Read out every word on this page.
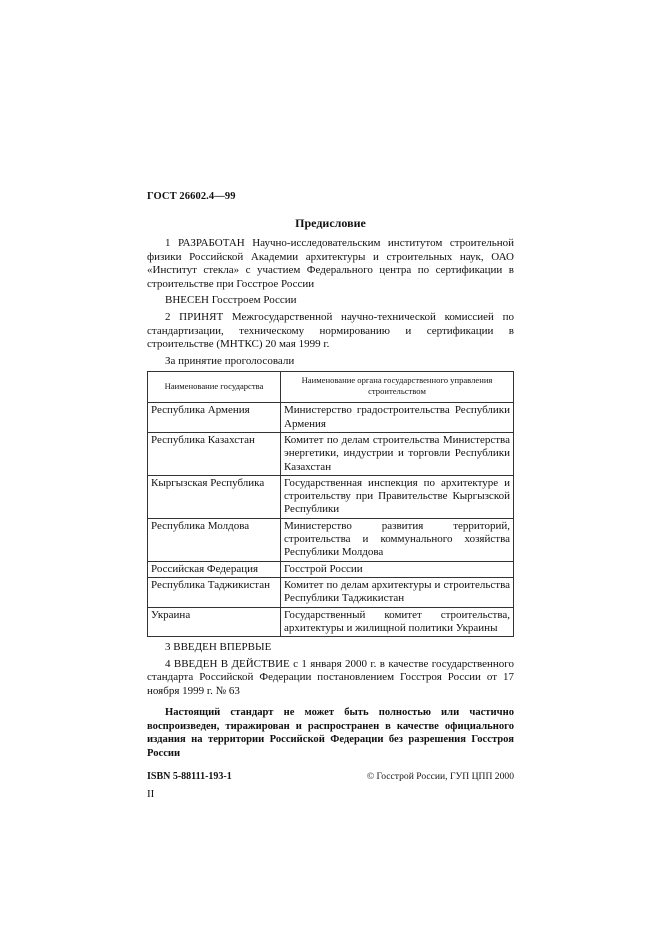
ГОСТ 26602.4—99
Предисловие

1 РАЗРАБОТАН Научно-исследовательским институтом строительной физики Российской Академии архитектуры и строительных наук, ОАО «Институт стекла» с участием Федерального центра по сертификации в строительстве при Госстрое России

ВНЕСЕН Госстроем России

2 ПРИНЯТ Межгосударственной научно-технической комиссией по стандартизации, техническому нормированию и сертификации в строительстве (МНТКС) 20 мая 1999 г.

За принятие проголосовали

Наименование государства	Наименование органа государственного управления строительством
Республика Армения	Министерство градостроительства Республики Армения
Республика Казахстан	Комитет по делам строительства Министерства энергетики, индустрии и торговли Республики Казахстан
Кыргызская Республика	Государственная инспекция по архитектуре и строительству при Правительстве Кыргызской Республики
Республика Молдова	Министерство развития территорий, строительства и коммунального хозяйства Республики Молдова
Российская Федерация	Госстрой России
Республика Таджикистан	Комитет по делам архитектуры и строительства Республики Таджикистан
Украина	Государственный комитет строительства, архитектуры и жилищной политики Украины

3 ВВЕДЕН ВПЕРВЫЕ

4 ВВЕДЕН В ДЕЙСТВИЕ с 1 января 2000 г. в качестве государственного стандарта Российской Федерации постановлением Госстроя России от 17 ноября 1999 г. № 63

Настоящий стандарт не может быть полностью или частично воспроизведен, тиражирован и распространен в качестве официального издания на территории Российской Федерации без разрешения Госстроя России

ISBN 5-88111-193-1	© Госстрой России, ГУП ЦПП 2000
II
